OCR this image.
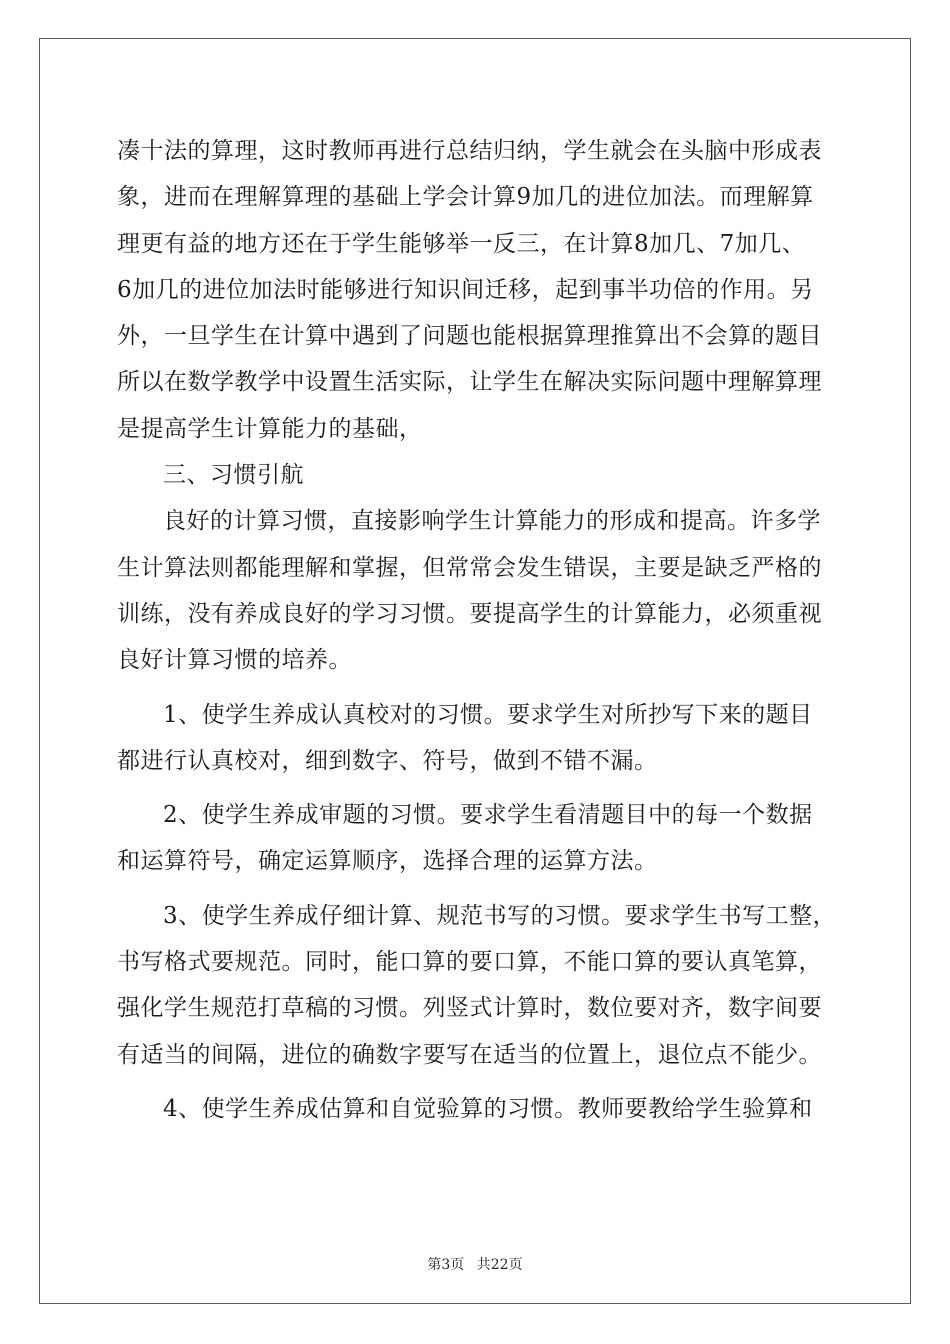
凑十法的算理，这时教师再进行总结归纳，学生就会在头脑中形成表
象，进而在理解算理的基础上学会计算9加几的进位加法。而理解算
理更有益的地方还在于学生能够举一反三，在计算8加几、7加几、
6加几的进位加法时能够进行知识间迁移，起到事半功倍的作用。另
外，一旦学生在计算中遇到了问题也能根据算理推算出不会算的题目
所以在数学教学中设置生活实际，让学生在解决实际问题中理解算理
是提高学生计算能力的基础，
三、习惯引航
良好的计算习惯，直接影响学生计算能力的形成和提高。许多学
生计算法则都能理解和掌握，但常常会发生错误，主要是缺乏严格的
训练，没有养成良好的学习习惯。要提高学生的计算能力，必须重视
良好计算习惯的培养。
1、使学生养成认真校对的习惯。要求学生对所抄写下来的题目
都进行认真校对，细到数字、符号，做到不错不漏。
2、使学生养成审题的习惯。要求学生看清题目中的每一个数据
和运算符号，确定运算顺序，选择合理的运算方法。
3、使学生养成仔细计算、规范书写的习惯。要求学生书写工整，
书写格式要规范。同时，能口算的要口算，不能口算的要认真笔算，
强化学生规范打草稿的习惯。列竖式计算时，数位要对齐，数字间要
有适当的间隔，进位的确数字要写在适当的位置上，退位点不能少。
4、使学生养成估算和自觉验算的习惯。教师要教给学生验算和
第3页 共22页
